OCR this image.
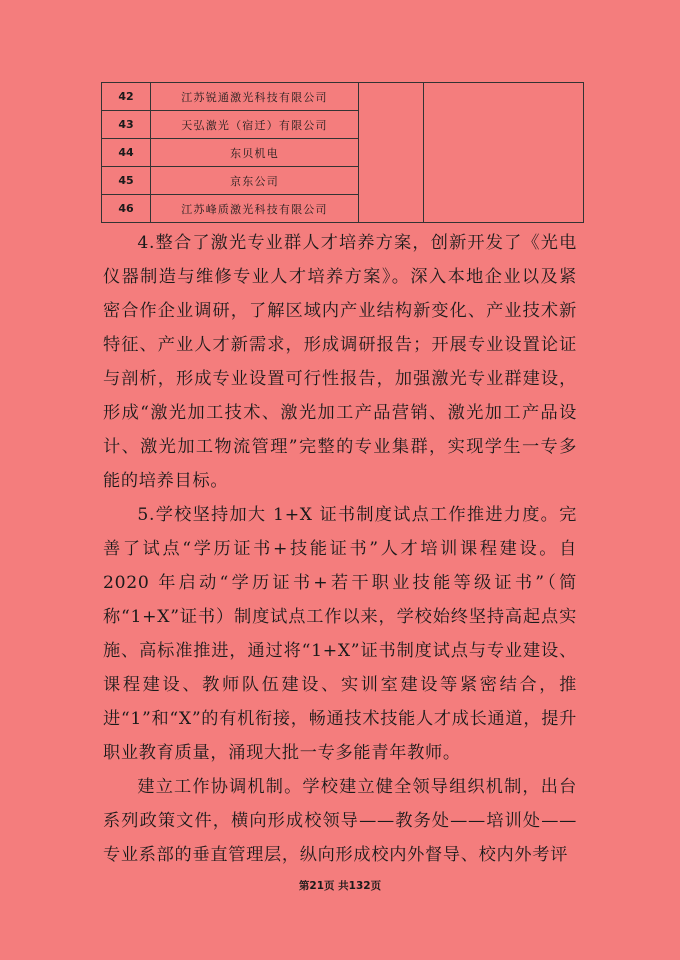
42	江苏锐通激光科技有限公司		
43	天弘激光（宿迁）有限公司		
44	东贝机电		
45	京东公司		
46	江苏峰质激光科技有限公司		

4.整合了激光专业群人才培养方案，创新开发了《光电仪器制造与维修专业人才培养方案》。深入本地企业以及紧密合作企业调研，了解区域内产业结构新变化、产业技术新特征、产业人才新需求，形成调研报告；开展专业设置论证与剖析，形成专业设置可行性报告，加强激光专业群建设，形成“激光加工技术、激光加工产品营销、激光加工产品设计、激光加工物流管理”完整的专业集群，实现学生一专多能的培养目标。

5.学校坚持加大 1+X 证书制度试点工作推进力度。完善了试点“学历证书+技能证书”人才培训课程建设。自 2020 年启动“学历证书+若干职业技能等级证书”（简称“1+X”证书）制度试点工作以来，学校始终坚持高起点实施、高标准推进，通过将“1+X”证书制度试点与专业建设、课程建设、教师队伍建设、实训室建设等紧密结合，推进“1”和“X”的有机衔接，畅通技术技能人才成长通道，提升职业教育质量，涌现大批一专多能青年教师。

建立工作协调机制。学校建立健全领导组织机制，出台系列政策文件，横向形成校领导——教务处——培训处——专业系部的垂直管理层，纵向形成校内外督导、校内外考评

第21页 共132页
